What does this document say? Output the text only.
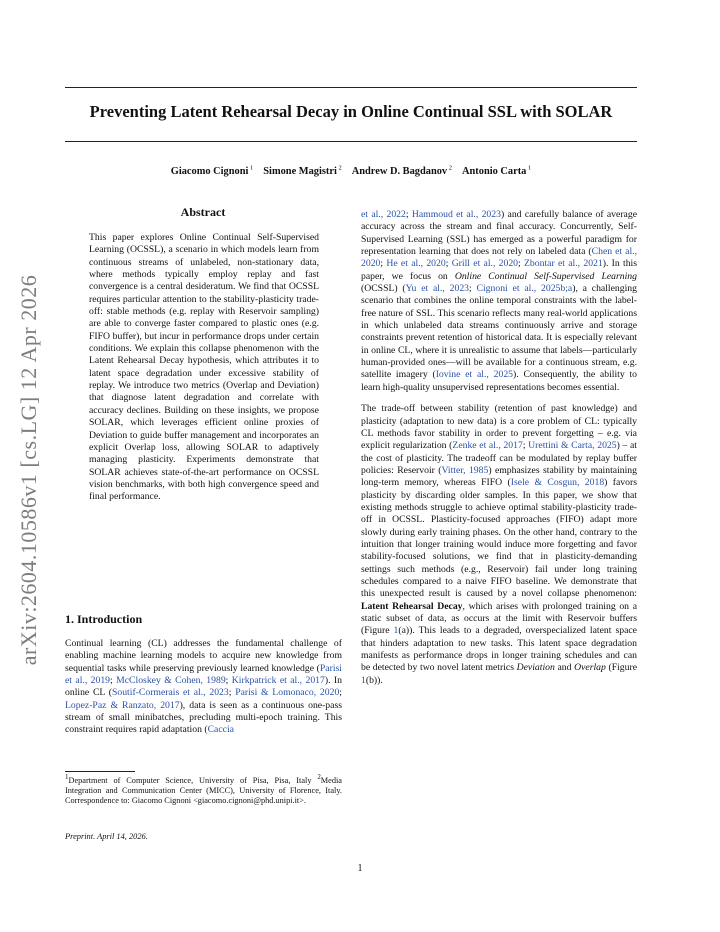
Preventing Latent Rehearsal Decay in Online Continual SSL with SOLAR
Giacomo Cignoni $^1$ Simone Magistri $^2$ Andrew D. Bagdanov $^2$ Antonio Carta $^1$
arXiv:2604.10586v1 [cs.LG] 12 Apr 2026
Abstract
This paper explores Online Continual Self-Supervised Learning (OCSSL), a scenario in which models learn from continuous streams of unlabeled, non-stationary data, where methods typically employ replay and fast convergence is a central desideratum. We find that OCSSL requires particular attention to the stability-plasticity trade-off: stable methods (e.g. replay with Reservoir sampling) are able to converge faster compared to plastic ones (e.g. FIFO buffer), but incur in performance drops under certain conditions. We explain this collapse phenomenon with the Latent Rehearsal Decay hypothesis, which attributes it to latent space degradation under excessive stability of replay. We introduce two metrics (Overlap and Deviation) that diagnose latent degradation and correlate with accuracy declines. Building on these insights, we propose SOLAR, which leverages efficient online proxies of Deviation to guide buffer management and incorporates an explicit Overlap loss, allowing SOLAR to adaptively managing plasticity. Experiments demonstrate that SOLAR achieves state-of-the-art performance on OCSSL vision benchmarks, with both high convergence speed and final performance.
1. Introduction
Continual learning (CL) addresses the fundamental challenge of enabling machine learning models to acquire new knowledge from sequential tasks while preserving previously learned knowledge (Parisi et al., 2019; McCloskey & Cohen, 1989; Kirkpatrick et al., 2017). In online CL (Soutif-Cormerais et al., 2023; Parisi & Lomonaco, 2020; Lopez-Paz & Ranzato, 2017), data is seen as a continuous one-pass stream of small minibatches, precluding multi-epoch training. This constraint requires rapid adaptation (Caccia

$^1$Department of Computer Science, University of Pisa, Pisa, Italy $^2$Media Integration and Communication Center (MICC), University of Florence, Italy. Correspondence to: Giacomo Cignoni <giacomo.cignoni@phd.unipi.it>.

Preprint. April 14, 2026.

et al., 2022; Hammoud et al., 2023) and carefully balance of average accuracy across the stream and final accuracy. Concurrently, Self-Supervised Learning (SSL) has emerged as a powerful paradigm for representation learning that does not rely on labeled data (Chen et al., 2020; He et al., 2020; Grill et al., 2020; Zbontar et al., 2021). In this paper, we focus on Online Continual Self-Supervised Learning (OCSSL) (Yu et al., 2023; Cignoni et al., 2025b;a), a challenging scenario that combines the online temporal constraints with the label-free nature of SSL. This scenario reflects many real-world applications in which unlabeled data streams continuously arrive and storage constraints prevent retention of historical data. It is especially relevant in online CL, where it is unrealistic to assume that labels—particularly human-provided ones—will be available for a continuous stream, e.g. satellite imagery (Iovine et al., 2025). Consequently, the ability to learn high-quality unsupervised representations becomes essential.

The trade-off between stability (retention of past knowledge) and plasticity (adaptation to new data) is a core problem of CL: typically CL methods favor stability in order to prevent forgetting – e.g. via explicit regularization (Zenke et al., 2017; Urettini & Carta, 2025) – at the cost of plasticity. The tradeoff can be modulated by replay buffer policies: Reservoir (Vitter, 1985) emphasizes stability by maintaining long-term memory, whereas FIFO (Isele & Cosgun, 2018) favors plasticity by discarding older samples. In this paper, we show that existing methods struggle to achieve optimal stability-plasticity trade-off in OCSSL. Plasticity-focused approaches (FIFO) adapt more slowly during early training phases. On the other hand, contrary to the intuition that longer training would induce more forgetting and favor stability-focused solutions, we find that in plasticity-demanding settings such methods (e.g., Reservoir) fail under long training schedules compared to a naive FIFO baseline. We demonstrate that this unexpected result is caused by a novel collapse phenomenon: Latent Rehearsal Decay, which arises with prolonged training on a static subset of data, as occurs at the limit with Reservoir buffers (Figure 1(a)). This leads to a degraded, overspecialized latent space that hinders adaptation to new tasks. This latent space degradation manifests as performance drops in longer training schedules and can be detected by two novel latent metrics Deviation and Overlap (Figure 1(b)).

1
